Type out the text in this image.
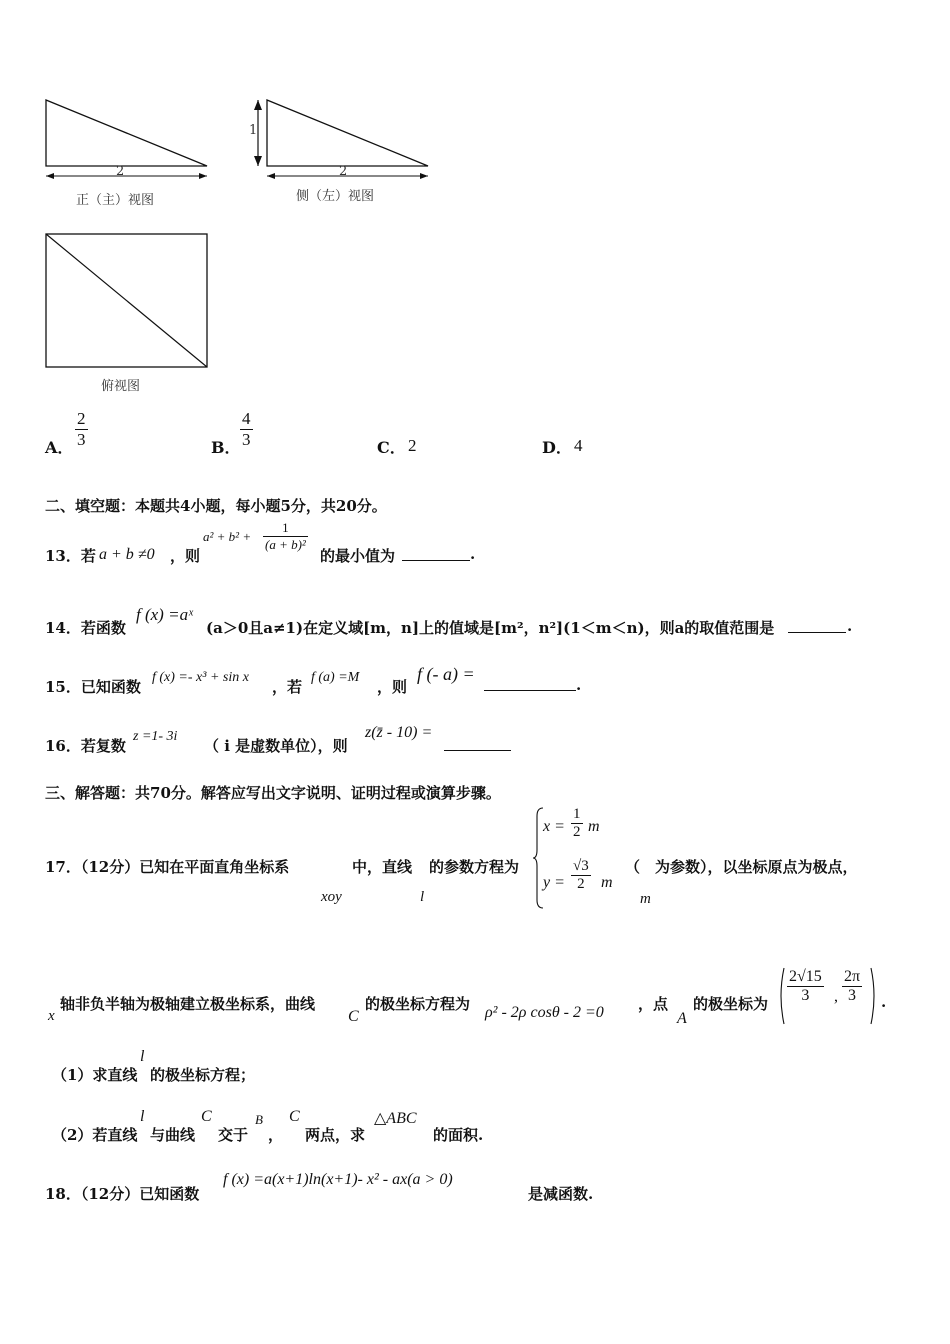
2
正（主）视图
2
1
侧（左）视图
俯视图
A． $\frac{2}{3}$	B． $\frac{4}{3}$	C． 2	D． 4
二、填空题：本题共4小题，每小题5分，共20分。
13．若 a + b ≠0 ，则
$a^2 + b^2 + \frac{1}{\text{(a + b)²}}$
的最小值为	.
14．若函数
f (x) =aˣ
(a＞0且a≠1)在定义域[m，n]上的值域是[m²，n²](1＜m＜n)，则a的取值范围是	.
15．已知函数
f (x) =- x³ + sin x
，若
f (a) =M
，则
f (- a) =
.
16．若复数
z =1- 3i
（ i 是虚数单位），则
z(z̄ - 10) =
三、解答题：共70分。解答应写出文字说明、证明过程或演算步骤。
17．（12分）已知在平面直角坐标系	中，直线 的参数方程为
xoy	l
$x = \frac{1}{2}$ m
$y = \frac{√3}{2}$ m
（　为参数），以坐标原点为极点，
m
x
轴非负半轴为极轴建立极坐标系，曲线
C
的极坐标方程为 ρ² - 2ρ cosθ - 2 =0 ，点
A
的极坐标为 $\frac{2√15}{3}$ , $\frac{2\pi}{3}$ .
（1）求直线
l
的极坐标方程；
（2）若直线
l
与曲线
C
交于
B
，
C
两点，求
△ABC
的面积.
18．（12分）已知函数
f (x) =a(x+1)ln(x+1)- x² - ax(a > 0)
是减函数.
